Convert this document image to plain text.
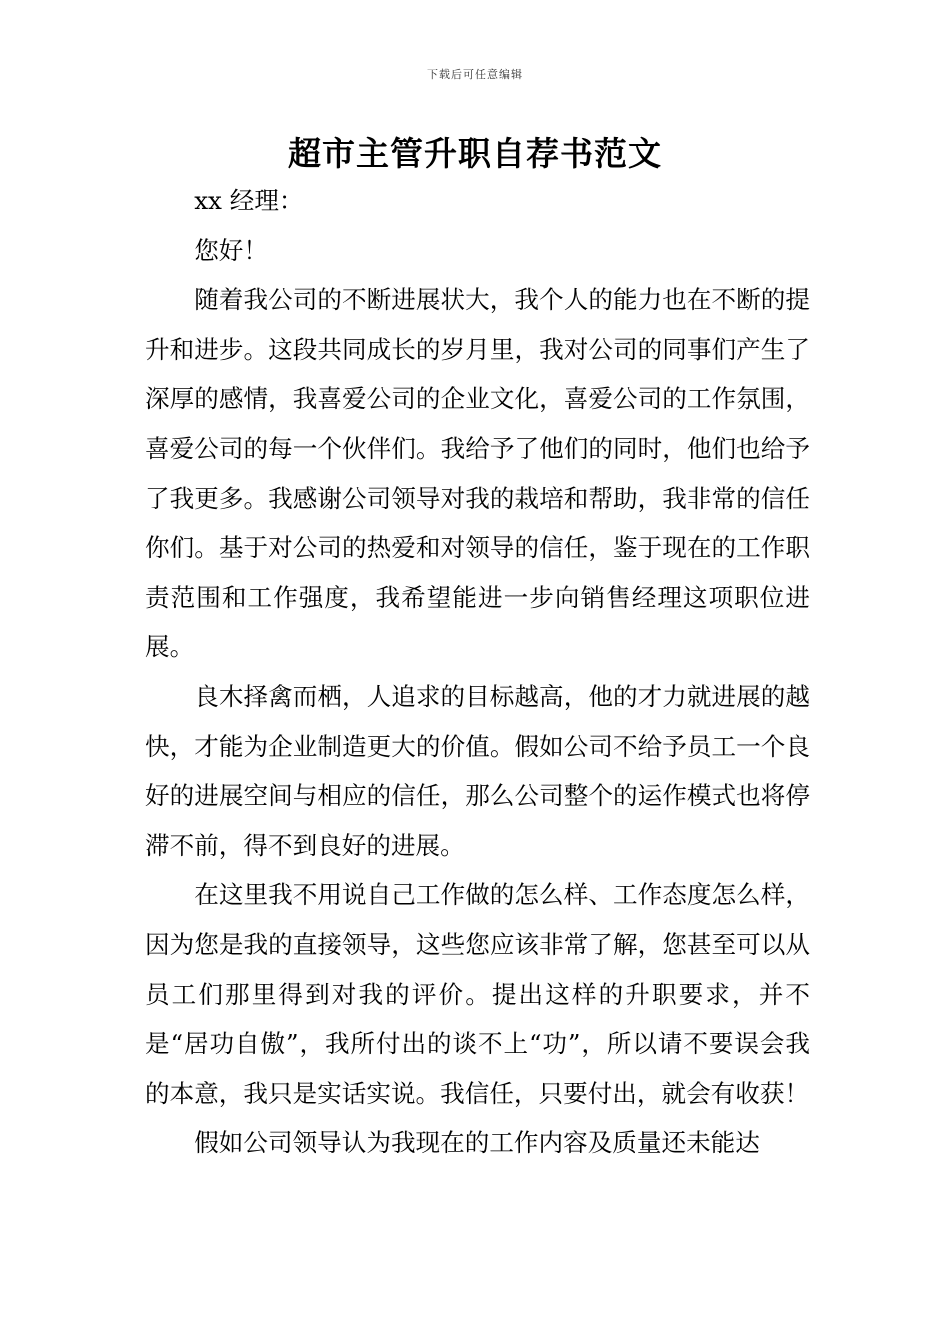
下载后可任意编辑
超市主管升职自荐书范文

xx 经理：

您好！

随着我公司的不断进展状大，我个人的能力也在不断的提升和进步。这段共同成长的岁月里，我对公司的同事们产生了深厚的感情，我喜爱公司的企业文化，喜爱公司的工作氛围，喜爱公司的每一个伙伴们。我给予了他们的同时，他们也给予了我更多。我感谢公司领导对我的栽培和帮助，我非常的信任你们。基于对公司的热爱和对领导的信任，鉴于现在的工作职责范围和工作强度，我希望能进一步向销售经理这项职位进展。

良木择禽而栖，人追求的目标越高，他的才力就进展的越快，才能为企业制造更大的价值。假如公司不给予员工一个良好的进展空间与相应的信任，那么公司整个的运作模式也将停滞不前，得不到良好的进展。

在这里我不用说自己工作做的怎么样、工作态度怎么样，因为您是我的直接领导，这些您应该非常了解，您甚至可以从员工们那里得到对我的评价。提出这样的升职要求，并不是“居功自傲”，我所付出的谈不上“功”，所以请不要误会我的本意，我只是实话实说。我信任，只要付出，就会有收获！

假如公司领导认为我现在的工作内容及质量还未能达
